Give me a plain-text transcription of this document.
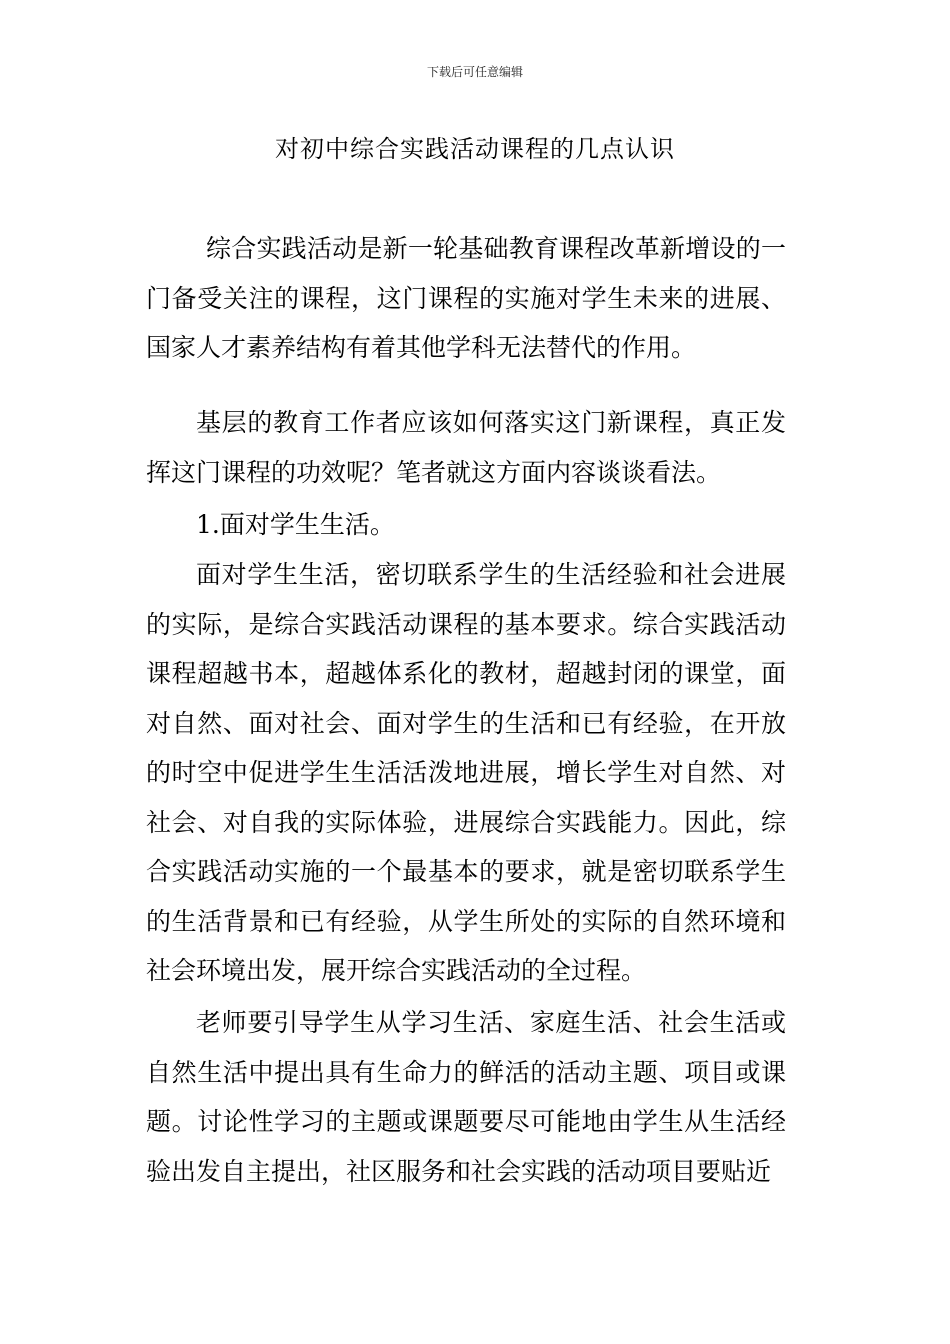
下载后可任意编辑
对初中综合实践活动课程的几点认识

综合实践活动是新一轮基础教育课程改革新增设的一门备受关注的课程，这门课程的实施对学生未来的进展、国家人才素养结构有着其他学科无法替代的作用。

基层的教育工作者应该如何落实这门新课程，真正发挥这门课程的功效呢？笔者就这方面内容谈谈看法。

1.面对学生生活。

面对学生生活，密切联系学生的生活经验和社会进展的实际，是综合实践活动课程的基本要求。综合实践活动课程超越书本，超越体系化的教材，超越封闭的课堂，面对自然、面对社会、面对学生的生活和已有经验，在开放的时空中促进学生生活活泼地进展，增长学生对自然、对社会、对自我的实际体验，进展综合实践能力。因此，综合实践活动实施的一个最基本的要求，就是密切联系学生的生活背景和已有经验，从学生所处的实际的自然环境和社会环境出发，展开综合实践活动的全过程。

老师要引导学生从学习生活、家庭生活、社会生活或自然生活中提出具有生命力的鲜活的活动主题、项目或课题。讨论性学习的主题或课题要尽可能地由学生从生活经验出发自主提出，社区服务和社会实践的活动项目要贴近
